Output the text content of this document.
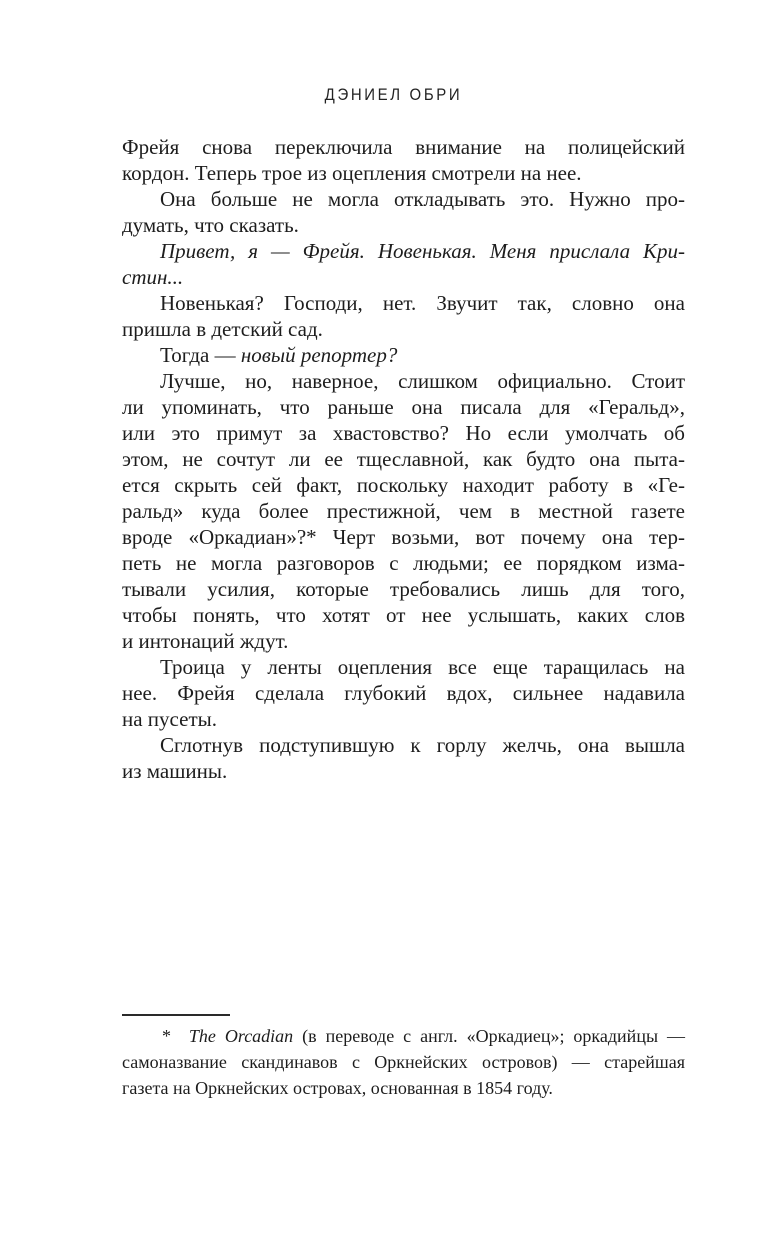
ДЭНИЕЛ ОБРИ
Фрейя снова переключила внимание на полицейский
кордон. Теперь трое из оцепления смотрели на нее.
Она больше не могла откладывать это. Нужно про-
думать, что сказать.
Привет, я — Фрейя. Новенькая. Меня прислала Кри-
стин...
Новенькая? Господи, нет. Звучит так, словно она
пришла в детский сад.
Тогда — новый репортер?
Лучше, но, наверное, слишком официально. Стоит
ли упоминать, что раньше она писала для «Геральд»,
или это примут за хвастовство? Но если умолчать об
этом, не сочтут ли ее тщеславной, как будто она пыта-
ется скрыть сей факт, поскольку находит работу в «Ге-
ральд» куда более престижной, чем в местной газете
вроде «Оркадиан»?* Черт возьми, вот почему она тер-
петь не могла разговоров с людьми; ее порядком изма-
тывали усилия, которые требовались лишь для того,
чтобы понять, что хотят от нее услышать, каких слов
и интонаций ждут.
Троица у ленты оцепления все еще таращилась на
нее. Фрейя сделала глубокий вдох, сильнее надавила
на пусеты.
Сглотнув подступившую к горлу желчь, она вышла
из машины.
*  The Orcadian (в переводе с англ. «Оркадиец»; оркадийцы —
самоназвание скандинавов с Оркнейских островов) — старейшая
газета на Оркнейских островах, основанная в 1854 году.
